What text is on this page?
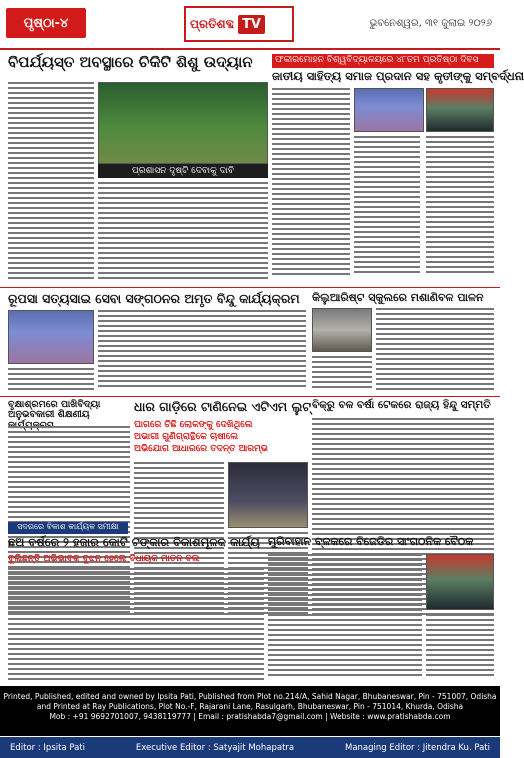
ପୃଷ୍ଠା-୪	ପ୍ରତିଶବ୍ଦ TV	ଭୁବନେଶ୍ୱର, ୩୧ ଜୁଲାଇ ୨୦୨୬
ବିପର୍ଯ୍ୟସ୍ତ ଅବସ୍ଥାରେ ଚିକିଟି ଶିଶୁ ଉଦ୍ୟାନ
ପ୍ରଶାସନ ଦୃଷ୍ଟି ଦେବାକୁ ଦାବି
ଫକୀରମୋହନ ବିଶ୍ୱବିଦ୍ୟାଳୟରେ ୪୮ତମ ପ୍ରତିଷ୍ଠା ଦିବସ
ଜାତୀୟ ସାହିତ୍ୟ ସମାଜ ପ୍ରଦାନ ସହ କୃତୀଙ୍କୁ ସମ୍ବର୍ଦ୍ଧନା
ରୂପସା ସତ୍ୟସାଇ ସେବା ସଙ୍ଗଠନର ଅମୃତ ବିନ୍ଦୁ କାର୍ଯ୍ୟକ୍ରମ	କିଲୁଆରିଷ୍ଟ ସ୍କୁଲରେ ମଶାଣିବଳ ପାଳନ
ବୃକ୍ଷାଶ୍ରମରେ ପାଖିବିଦ୍ୟା ଅନୁଭବକାରୀ ଶିକ୍ଷଣୀୟ
ଧାର ଗାଡ଼ିରେ ଟାଣିନେଇ ଏଟିଏମ ଲୁଟ୍
ଘାଗରେ ଚିଛି ଲୋକଙ୍କୁ ଦେଖିଥିଲେ
ଅଭାଗୀ ଗୁଣିଗ୍ରାନ୍ଥିକେ ଚାଷୀଲେ
ଅଭିଯୋଗ ଆଧାରରେ ତଦନ୍ତ ଆରମ୍ଭ
ବିକ୍ରୁ ବଳ ବର୍ଷା ଟେକରେ ରାଜ୍ୟ ହିନ୍ଦୁ ସମ୍ମତି
ସଦରରେ ବିକାଶ କାର୍ଯ୍ୟକ ସମୀକ୍ଷା
ଛଅ ବର୍ଷରେ ୨ ହଜାର କୋଟି ଟଙ୍କାର ବିକାଶମୂଳକ କାର୍ଯ୍ୟ
ବୁଲିଛନ୍ତି ଅଭିଭାବକ ବୁଝନ ହେଲେ ବିଧାୟକ ମାତନ ବଲ
ମୁରିବାହାନ ବ୍ଳକରେ ବିଜେଡିର ସାଂଗଠନିକ ବୈଠକ
Printed, Published, edited and owned by Ipsita Pati, Published from Plot no.214/A, Sahid Nagar, Bhubaneswar, Pin - 751007, Odisha
and Printed at Ray Publications, Plot No.-F, Rajarani Lane, Rasulgarh, Bhubaneswar, Pin - 751014, Khurda, Odisha
Mob : +91 9692701007, 9438119777 | Email : pratishabda7@gmail.com | Website : www.pratishabda.com
Editor : Ipsita Pati	Executive Editor : Satyajit Mohapatra	Managing Editor : Jitendra Ku. Pati
